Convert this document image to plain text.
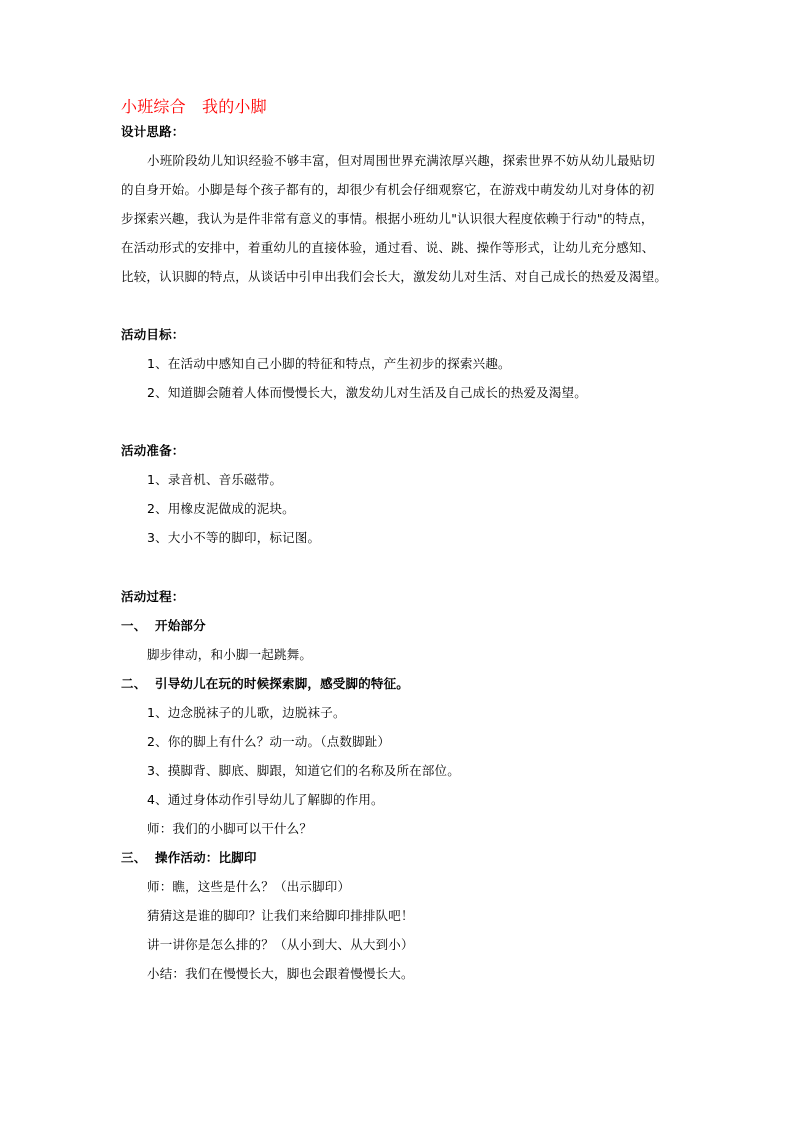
小班综合　我的小脚
设计思路：
小班阶段幼儿知识经验不够丰富，但对周围世界充满浓厚兴趣，探索世界不妨从幼儿最贴切
的自身开始。小脚是每个孩子都有的，却很少有机会仔细观察它，在游戏中萌发幼儿对身体的初
步探索兴趣，我认为是件非常有意义的事情。根据小班幼儿"认识很大程度依赖于行动"的特点，
在活动形式的安排中，着重幼儿的直接体验，通过看、说、跳、操作等形式，让幼儿充分感知、
比较，认识脚的特点，从谈话中引申出我们会长大，激发幼儿对生活、对自己成长的热爱及渴望。
活动目标：
1、在活动中感知自己小脚的特征和特点，产生初步的探索兴趣。
2、知道脚会随着人体而慢慢长大，激发幼儿对生活及自己成长的热爱及渴望。
活动准备：
1、录音机、音乐磁带。
2、用橡皮泥做成的泥块。
3、大小不等的脚印，标记图。
活动过程：
一、 开始部分
脚步律动，和小脚一起跳舞。
二、 引导幼儿在玩的时候探索脚，感受脚的特征。
1、边念脱袜子的儿歌，边脱袜子。
2、你的脚上有什么？动一动。（点数脚趾）
3、摸脚背、脚底、脚跟，知道它们的名称及所在部位。
4、通过身体动作引导幼儿了解脚的作用。
师：我们的小脚可以干什么？
三、 操作活动：比脚印
师：瞧，这些是什么？（出示脚印）
猜猜这是谁的脚印？让我们来给脚印排排队吧！
讲一讲你是怎么排的？（从小到大、从大到小）
小结：我们在慢慢长大，脚也会跟着慢慢长大。
